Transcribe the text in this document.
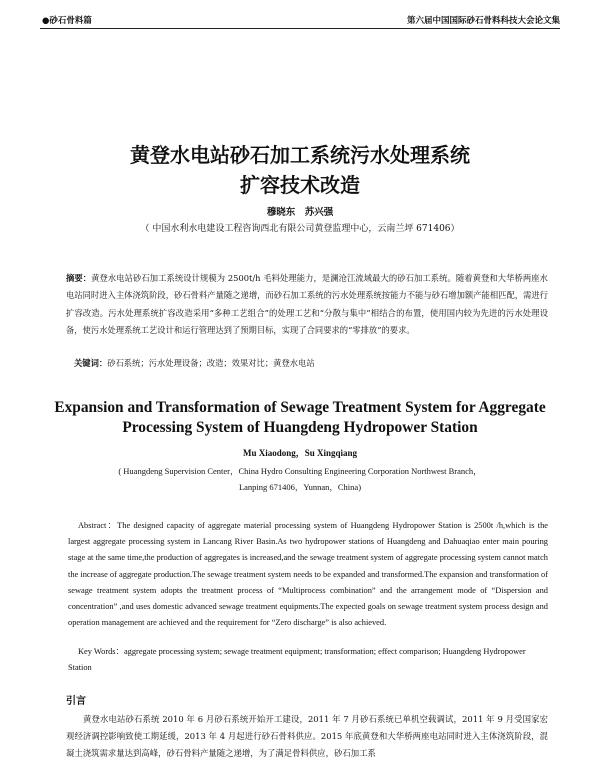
●砂石骨料篇	第六届中国国际砂石骨料科技大会论文集
黄登水电站砂石加工系统污水处理系统
扩容技术改造
穆晓东　苏兴强
（ 中国水利水电建设工程咨询西北有限公司黄登监理中心，云南兰坪 671406）
摘要：黄登水电站砂石加工系统设计规模为 2500t/h 毛料处理能力，是澜沧江流域最大的砂石加工系统。随着黄登和大华桥两座水电站同时进入主体浇筑阶段，砂石骨料产量随之递增，而砂石加工系统的污水处理系统按能力不能与砂石增加额产能相匹配，需进行扩容改造。污水处理系统扩容改造采用“多种工艺组合”的处理工艺和“分散与集中”相结合的布置，使用国内较为先进的污水处理设备，使污水处理系统工艺设计和运行管理达到了预期目标，实现了合同要求的“零排放”的要求。
关键词：砂石系统；污水处理设备；改造；效果对比；黄登水电站
Expansion and Transformation of Sewage Treatment System for Aggregate
Processing System of Huangdeng Hydropower Station
Mu Xiaodong，Su Xingqiang
( Huangdeng Supervision Center，China Hydro Consulting Engineering Corporation Northwest Branch，
Lanping 671406，Yunnan，China)
Abstract：The designed capacity of aggregate material processing system of Huangdeng Hydropower Station is 2500t /h,which is the largest aggregate processing system in Lancang River Basin.As two hydropower stations of Huangdeng and Dahuaqiao enter main pouring stage at the same time,the production of aggregates is increased,and the sewage treatment system of aggregate processing system cannot match the increase of aggregate production.The sewage treatment system needs to be expanded and transformed.The expansion and transformation of sewage treatment system adopts the treatment process of “Multiprocess combination” and the arrangement mode of “Dispersion and concentration” ,and uses domestic advanced sewage treatment equipments.The expected goals on sewage treatment system process design and operation management are achieved and the requirement for “Zero discharge” is also achieved.
Key Words：aggregate processing system; sewage treatment equipment; transformation; effect comparison; Huangdeng Hydropower Station
引言
黄登水电站砂石系统 2010 年 6 月砂石系统开始开工建设，2011 年 7 月砂石系统已单机空载调试，2011 年 9 月受国家宏观经济调控影响致使工期延缓，2013 年 4 月起进行砂石骨料供应。2015 年底黄登和大华桥两座电站同时进入主体浇筑阶段，混凝土浇筑需求量达到高峰，砂石骨料产量随之递增，为了满足骨料供应，砂石加工系
